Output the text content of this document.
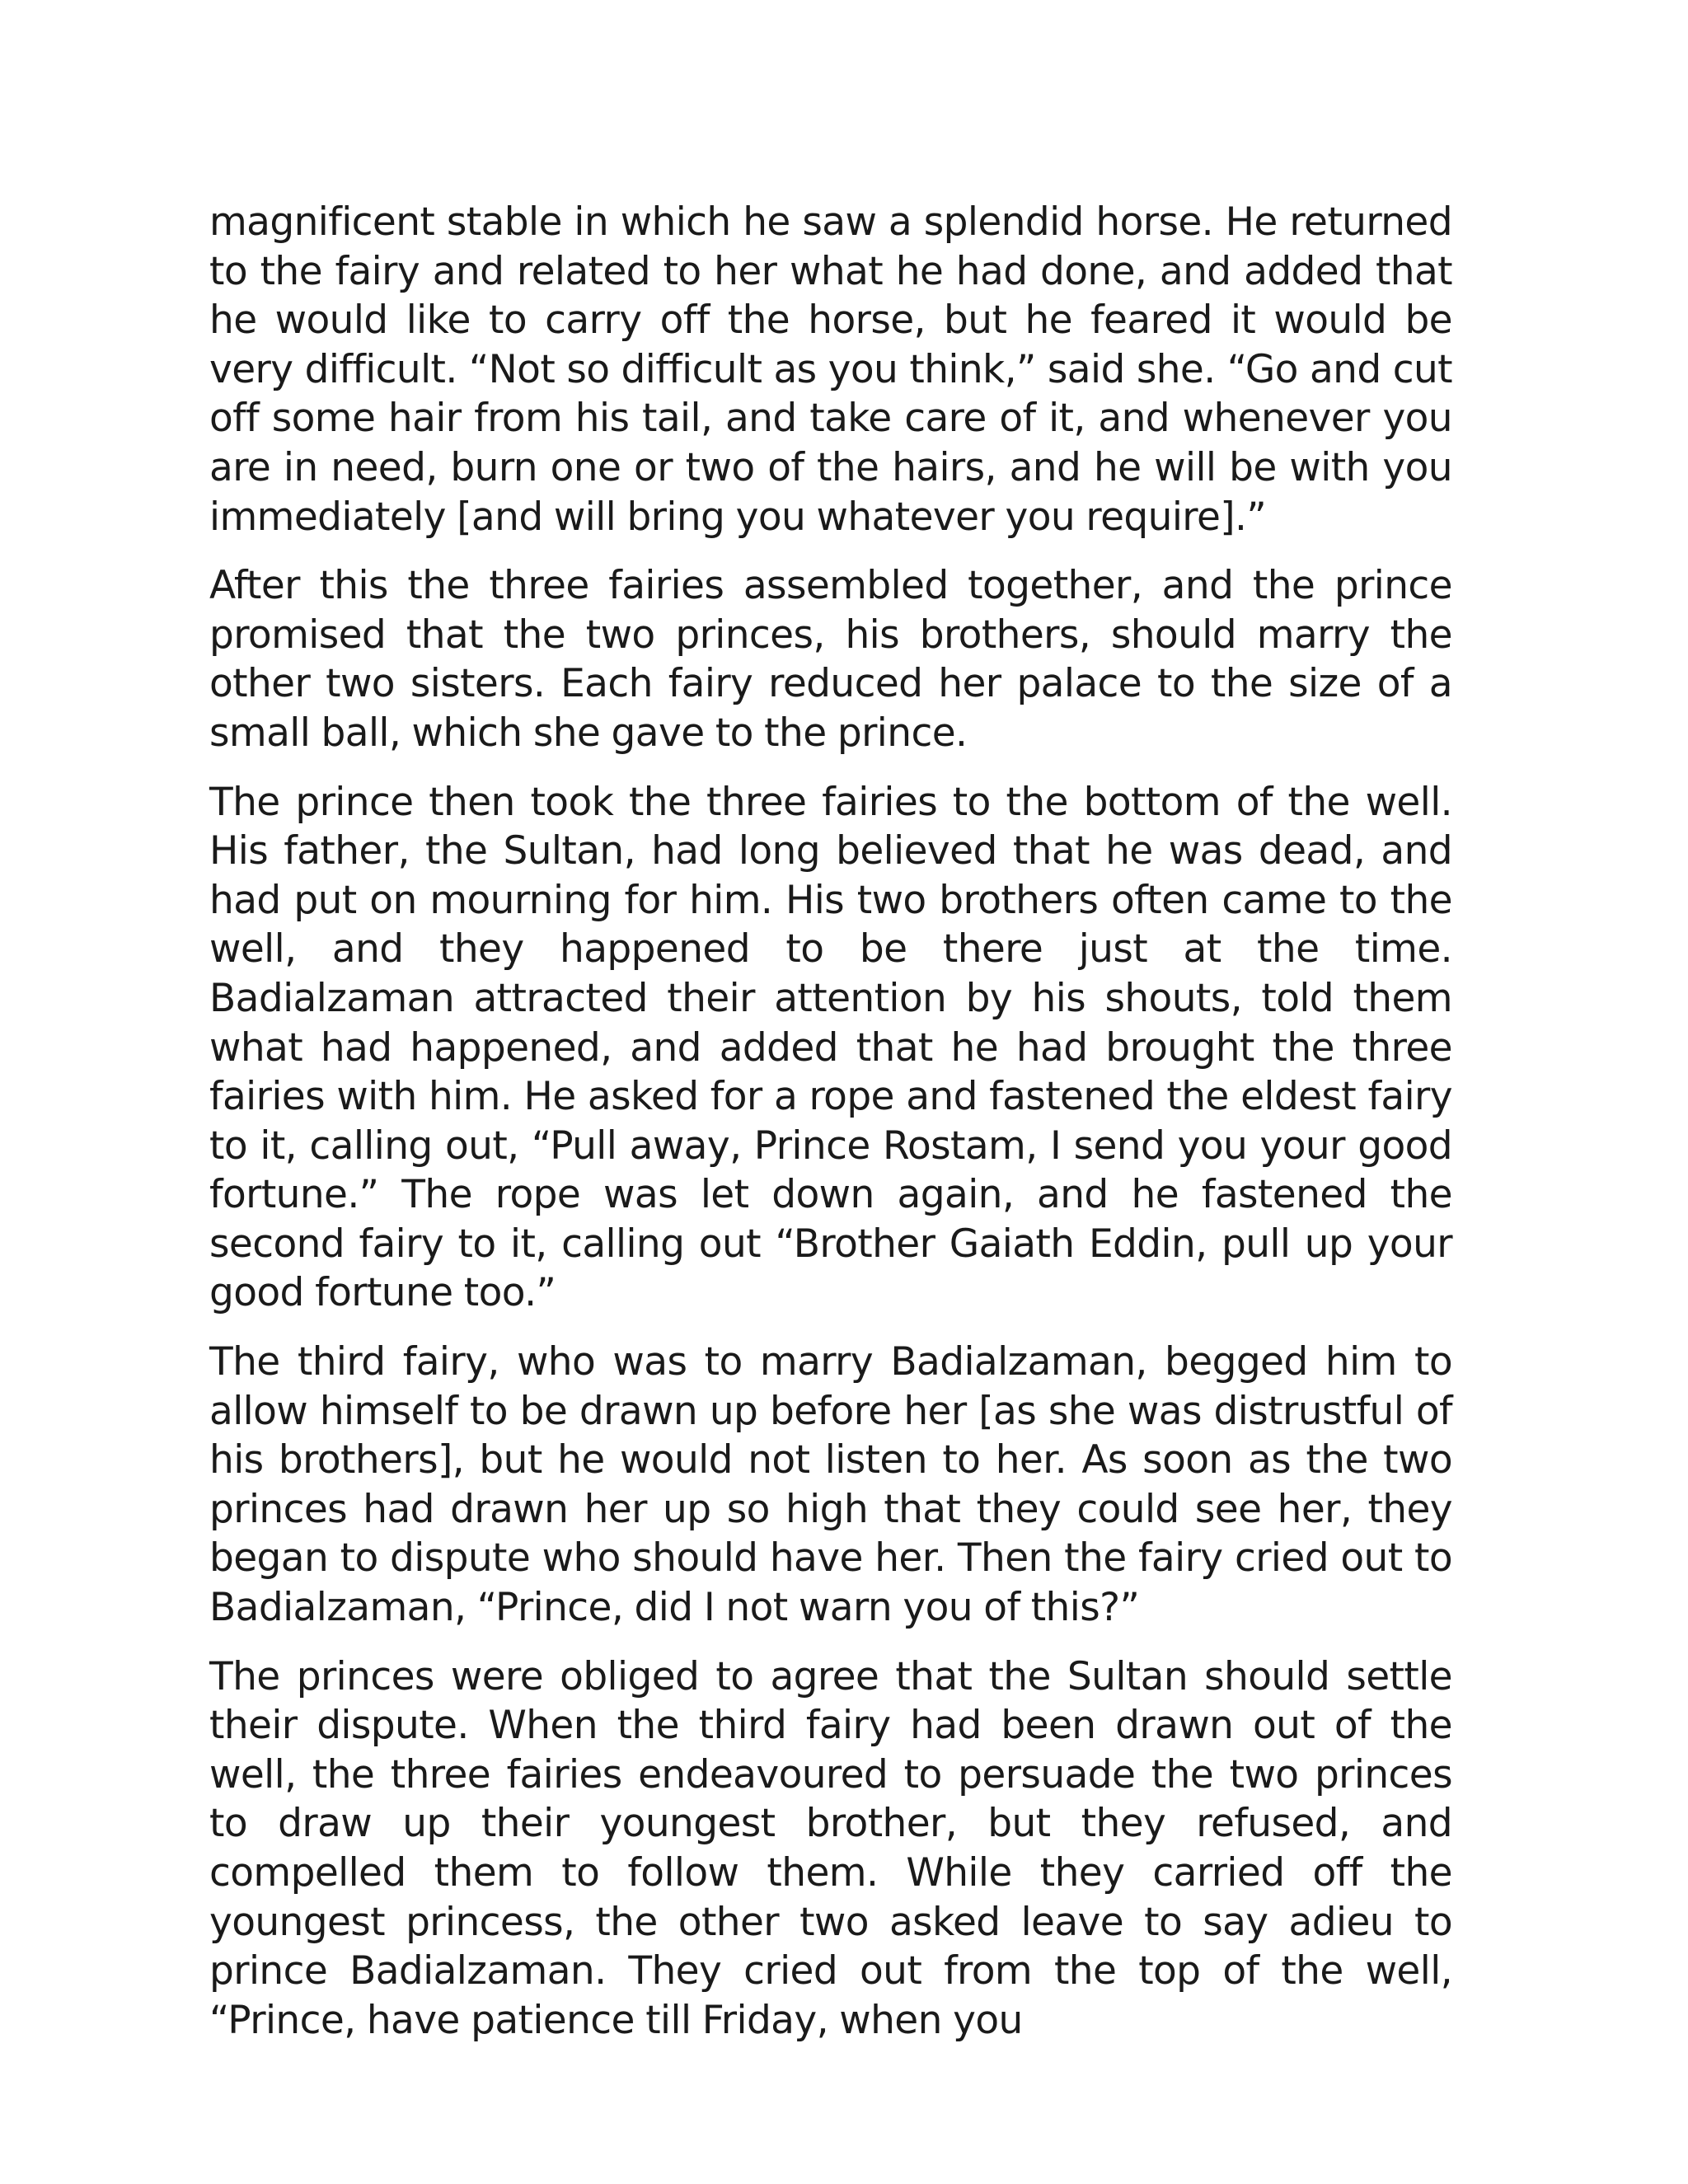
magnificent stable in which he saw a splendid horse. He returned to the fairy and related to her what he had done, and added that he would like to carry off the horse, but he feared it would be very difficult. “Not so difficult as you think,” said she. “Go and cut off some hair from his tail, and take care of it, and whenever you are in need, burn one or two of the hairs, and he will be with you immediately [and will bring you whatever you require].”

After this the three fairies assembled together, and the prince promised that the two princes, his brothers, should marry the other two sisters. Each fairy reduced her palace to the size of a small ball, which she gave to the prince.

The prince then took the three fairies to the bottom of the well. His father, the Sultan, had long believed that he was dead, and had put on mourning for him. His two brothers often came to the well, and they happened to be there just at the time. Badialzaman attracted their attention by his shouts, told them what had happened, and added that he had brought the three fairies with him. He asked for a rope and fastened the eldest fairy to it, calling out, “Pull away, Prince Rostam, I send you your good fortune.” The rope was let down again, and he fastened the second fairy to it, calling out “Brother Gaiath Eddin, pull up your good fortune too.”

The third fairy, who was to marry Badialzaman, begged him to allow himself to be drawn up before her [as she was distrustful of his brothers], but he would not listen to her. As soon as the two princes had drawn her up so high that they could see her, they began to dispute who should have her. Then the fairy cried out to Badialzaman, “Prince, did I not warn you of this?”

The princes were obliged to agree that the Sultan should settle their dispute. When the third fairy had been drawn out of the well, the three fairies endeavoured to persuade the two princes to draw up their youngest brother, but they refused, and compelled them to follow them. While they carried off the youngest princess, the other two asked leave to say adieu to prince Badialzaman. They cried out from the top of the well, “Prince, have patience till Friday, when you
